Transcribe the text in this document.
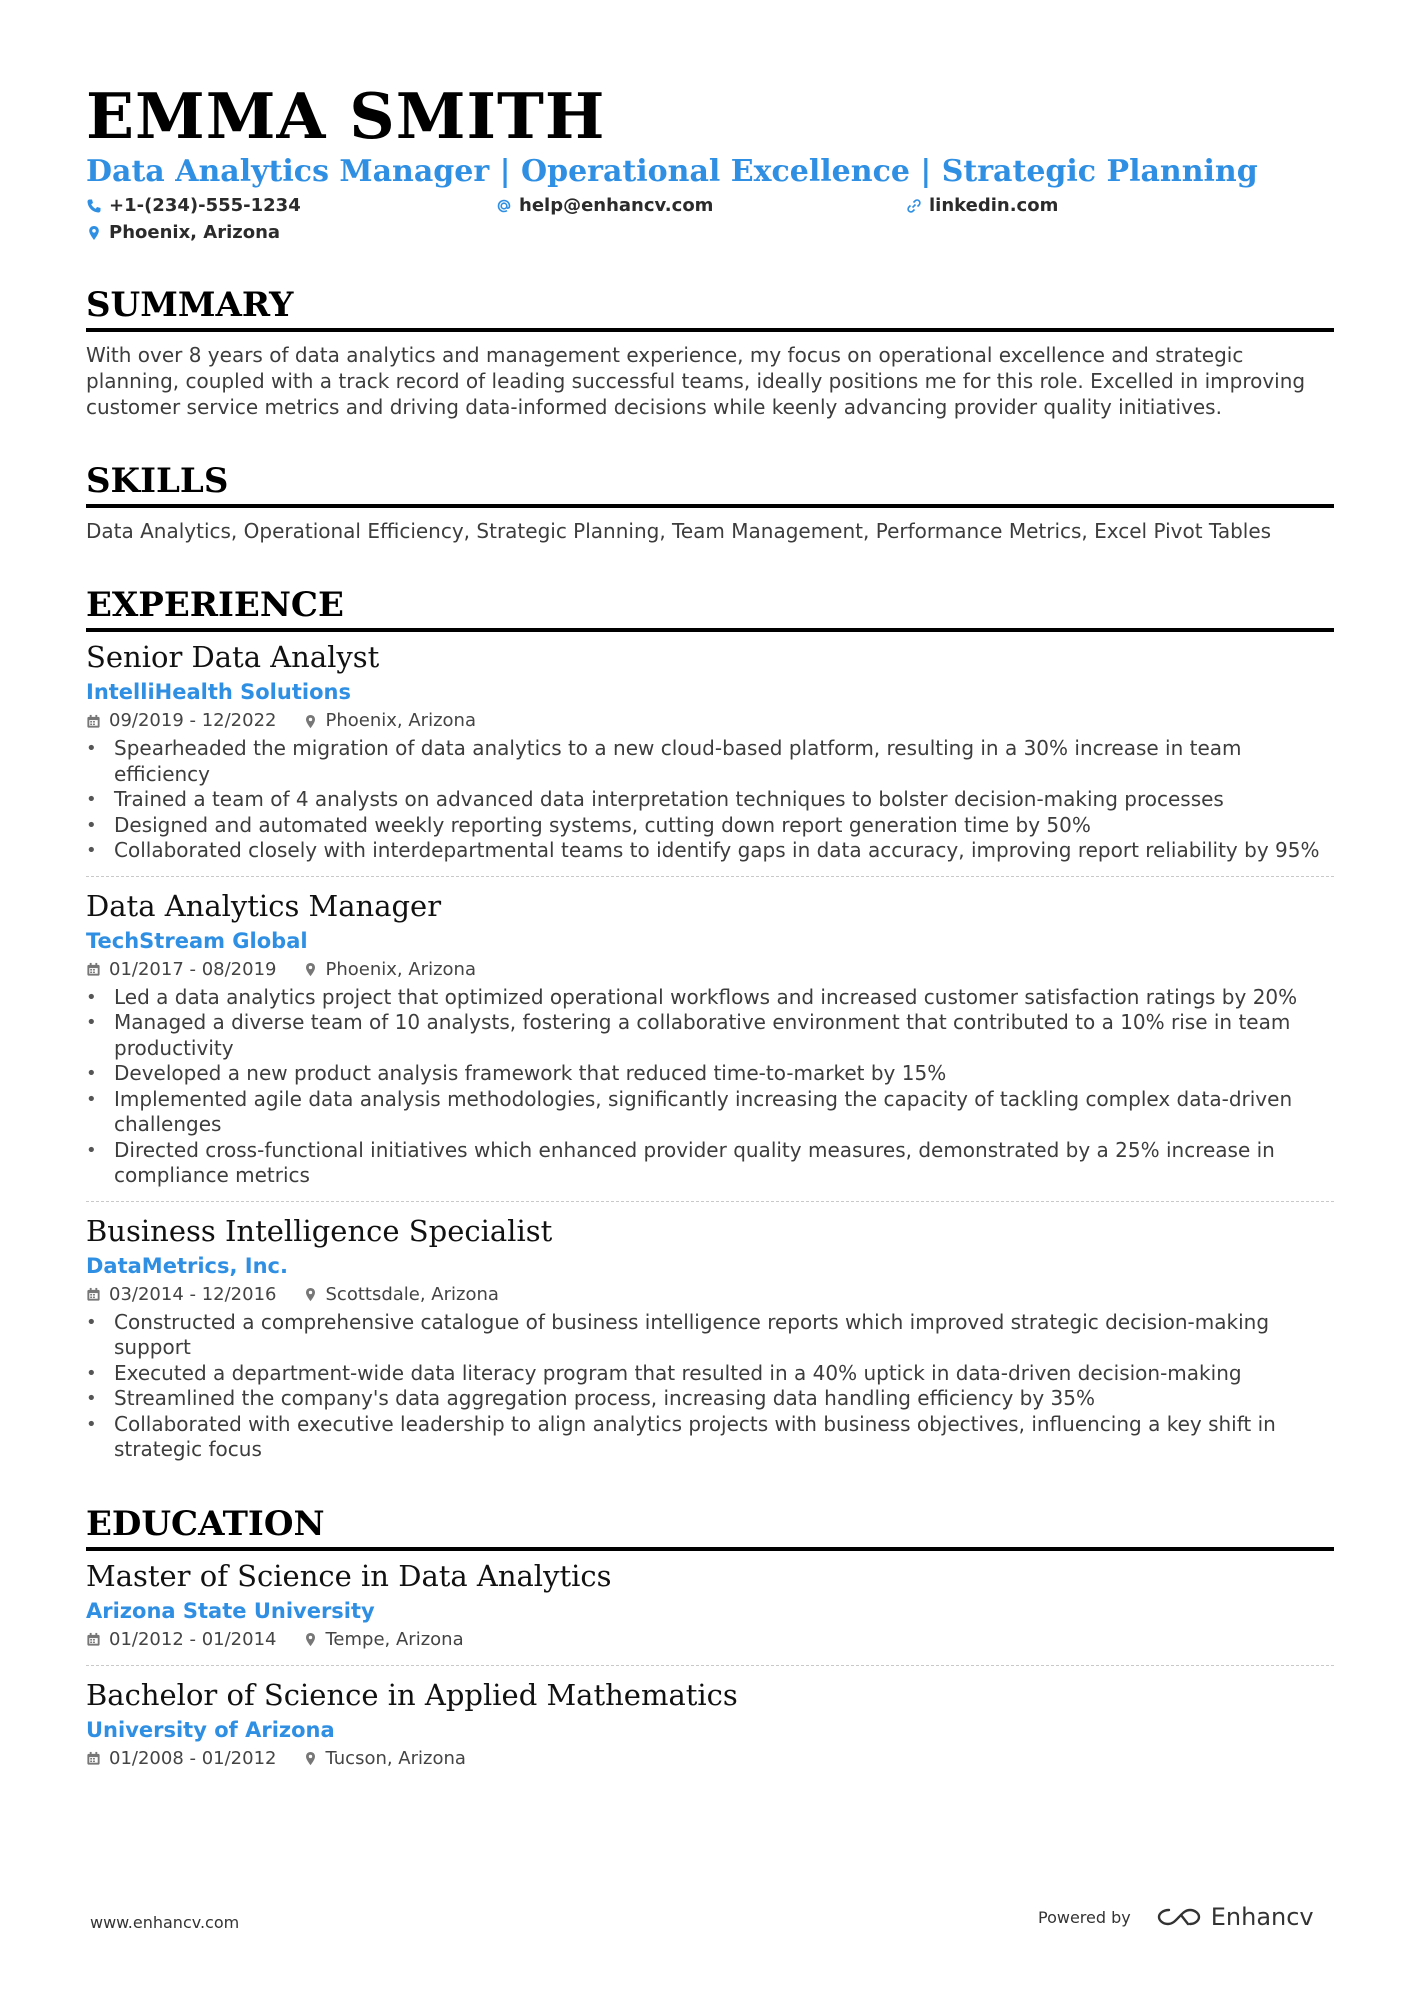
EMMA SMITH
Data Analytics Manager | Operational Excellence | Strategic Planning
+1-(234)-555-1234	help@enhancv.com	linkedin.com
Phoenix, Arizona
SUMMARY
With over 8 years of data analytics and management experience, my focus on operational excellence and strategic planning, coupled with a track record of leading successful teams, ideally positions me for this role. Excelled in improving customer service metrics and driving data-informed decisions while keenly advancing provider quality initiatives.
SKILLS
Data Analytics, Operational Efficiency, Strategic Planning, Team Management, Performance Metrics, Excel Pivot Tables
EXPERIENCE
Senior Data Analyst
IntelliHealth Solutions
09/2019 - 12/2022	Phoenix, Arizona
• Spearheaded the migration of data analytics to a new cloud-based platform, resulting in a 30% increase in team efficiency
• Trained a team of 4 analysts on advanced data interpretation techniques to bolster decision-making processes
• Designed and automated weekly reporting systems, cutting down report generation time by 50%
• Collaborated closely with interdepartmental teams to identify gaps in data accuracy, improving report reliability by 95%
Data Analytics Manager
TechStream Global
01/2017 - 08/2019	Phoenix, Arizona
• Led a data analytics project that optimized operational workflows and increased customer satisfaction ratings by 20%
• Managed a diverse team of 10 analysts, fostering a collaborative environment that contributed to a 10% rise in team productivity
• Developed a new product analysis framework that reduced time-to-market by 15%
• Implemented agile data analysis methodologies, significantly increasing the capacity of tackling complex data-driven challenges
• Directed cross-functional initiatives which enhanced provider quality measures, demonstrated by a 25% increase in compliance metrics
Business Intelligence Specialist
DataMetrics, Inc.
03/2014 - 12/2016	Scottsdale, Arizona
• Constructed a comprehensive catalogue of business intelligence reports which improved strategic decision-making support
• Executed a department-wide data literacy program that resulted in a 40% uptick in data-driven decision-making
• Streamlined the company's data aggregation process, increasing data handling efficiency by 35%
• Collaborated with executive leadership to align analytics projects with business objectives, influencing a key shift in strategic focus
EDUCATION
Master of Science in Data Analytics
Arizona State University
01/2012 - 01/2014	Tempe, Arizona
Bachelor of Science in Applied Mathematics
University of Arizona
01/2008 - 01/2012	Tucson, Arizona
www.enhancv.com	Powered by	Enhancv
